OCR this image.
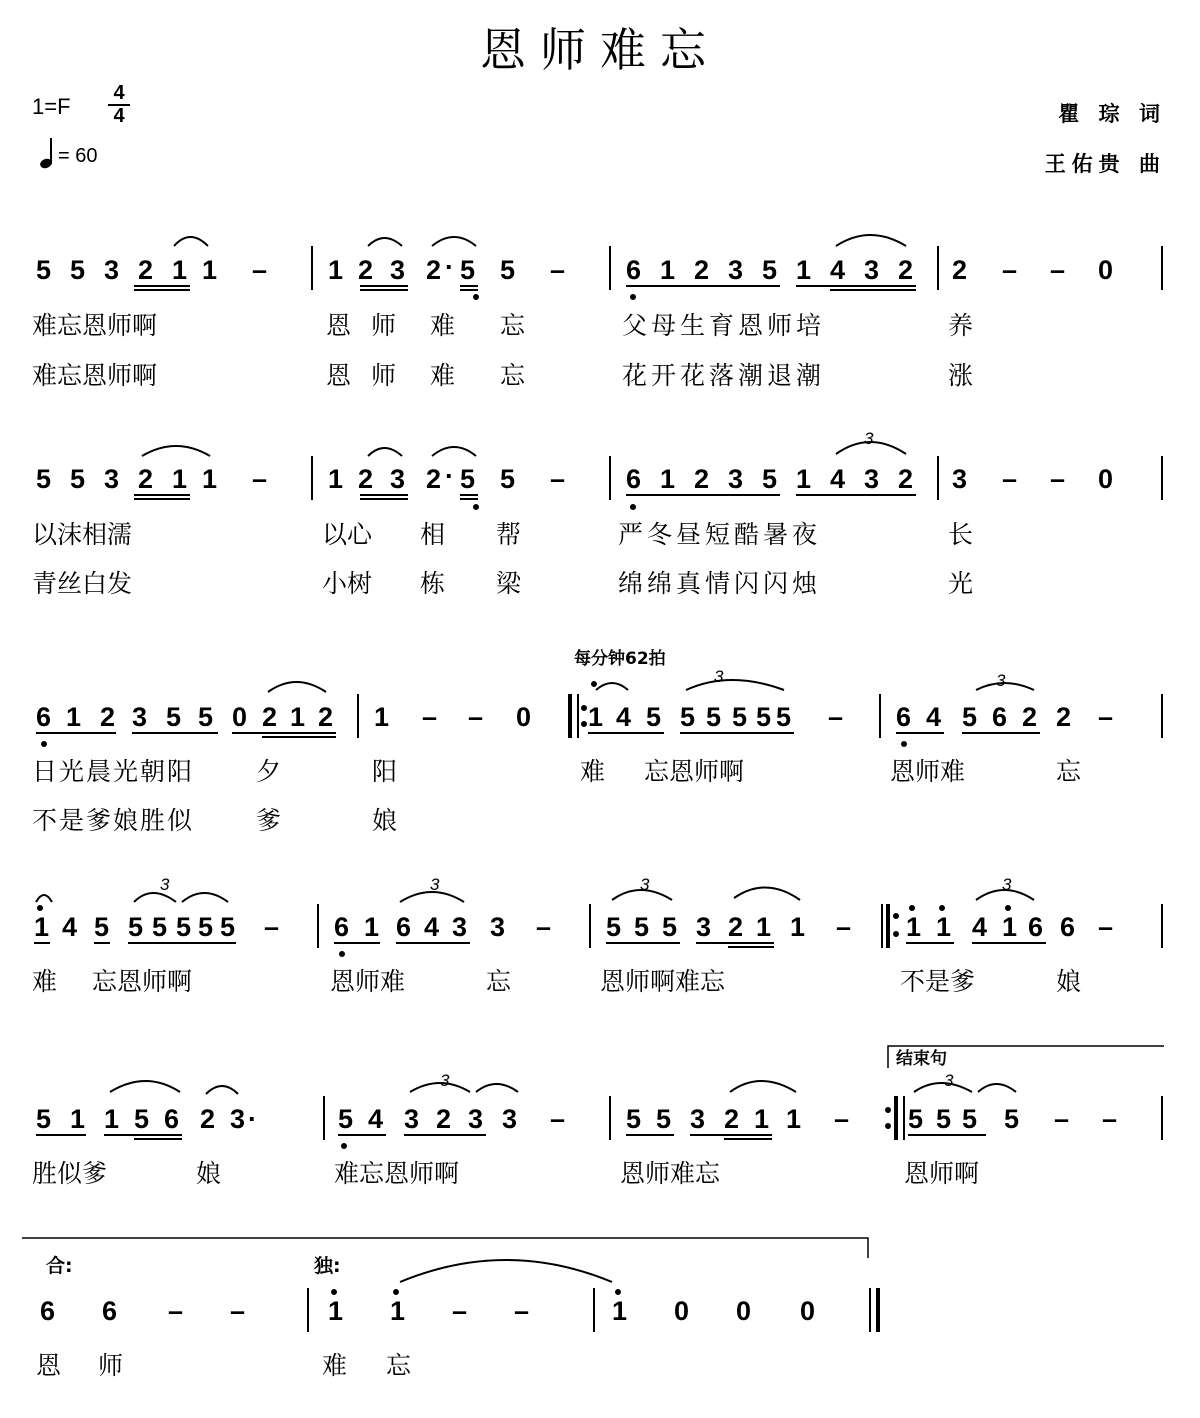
恩师难忘
1=F
4
4
= 60
瞿 琮 词
王佑贵 曲
5 5 3 2 1 1 – 1 2 3 2 · 5 5 – 6 1 2 3 5 1 4 3 2 2 – – 0
难忘恩师啊	恩师 难 忘	父母生育恩师培	养
难忘恩师啊	恩师 难 忘	花开花落潮退潮	涨
5 5 3 2 1 1 – 1 2 3 2 · 5 5 – 6 1 2 3 5 1 4 3 2 3 – – 0
3
以沫相濡	以心 相 帮	严冬昼短酷暑夜	长
青丝白发	小树 栋 梁	绵绵真情闪闪烛	光
每分钟62拍
6 1 2 3 5 5 0 2 1 2 1 – – 0 1 4 5 5 5 5 5 5 – 6 4 5 6 2 2 –
3	3
日光晨光朝阳 夕	阳	难 忘恩师啊	恩师难	忘
不是爹娘胜似 爹	娘
1 4 5 5 5 5 5 5 – 6 1 6 4 3 3 – 5 5 5 3 2 1 1 – 1 1 4 1 6 6 –
3	3	3	3
难 忘恩师啊	恩师难	忘	恩师啊难忘	不是爹	娘
结束句
5 1 1 5 6 2 3 ·	5 4 3 2 3 3 – 5 5 3 2 1 1 – 5 5 5 5 – –
3	3
胜似爹	娘	难忘恩师啊	恩师难忘	恩师啊
合:	独:
6 6 – –	1 1 – –	1 0 0 0
恩 师	难 忘
